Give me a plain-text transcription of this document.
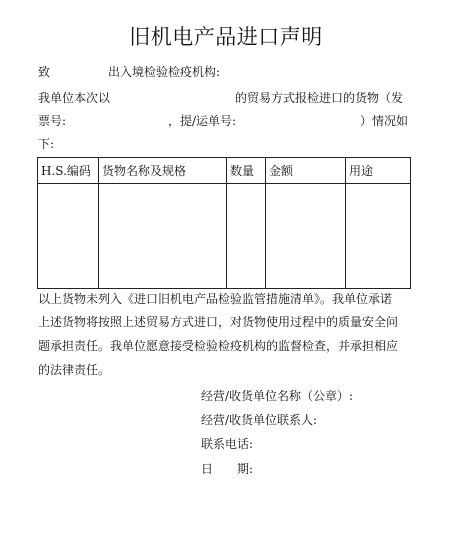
旧机电产品进口声明
致	出入境检验检疫机构:
我单位本次以	的贸易方式报检进口的货物（发
票号:	，提/运单号:	）情况如
下:
H.S.编码	货物名称及规格	数量	金额	用途

以上货物未列入《进口旧机电产品检验监管措施清单》。我单位承诺
上述货物将按照上述贸易方式进口，对货物使用过程中的质量安全问
题承担责任。我单位愿意接受检验检疫机构的监督检查，并承担相应
的法律责任。
经营/收货单位名称（公章）:
经营/收货单位联系人:
联系电话:
日　　期:
